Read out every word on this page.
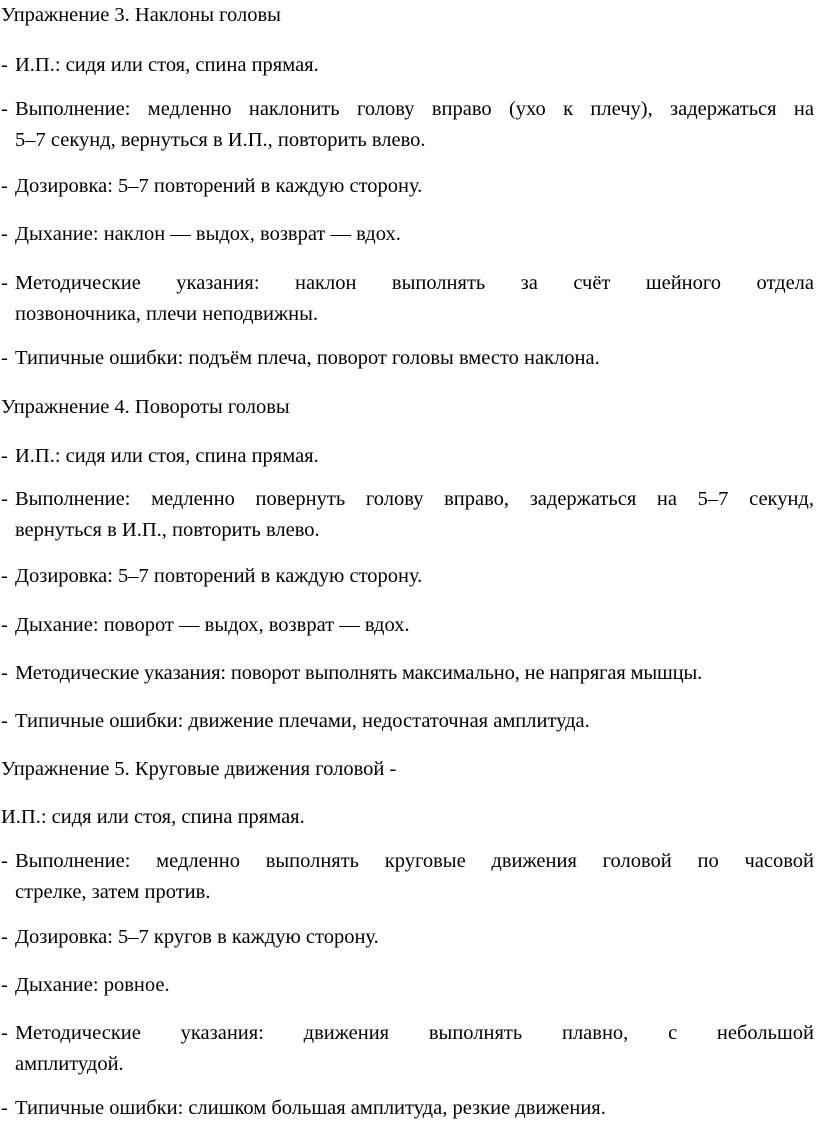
Упражнение 3. Наклоны головы
- И.П.: сидя или стоя, спина прямая.
- Выполнение: медленно наклонить голову вправо (ухо к плечу), задержаться на
5–7 секунд, вернуться в И.П., повторить влево.
- Дозировка: 5–7 повторений в каждую сторону.
- Дыхание: наклон — выдох, возврат — вдох.
- Методические указания: наклон выполнять за счёт шейного отдела
позвоночника, плечи неподвижны.
- Типичные ошибки: подъём плеча, поворот головы вместо наклона.
Упражнение 4. Повороты головы
- И.П.: сидя или стоя, спина прямая.
- Выполнение: медленно повернуть голову вправо, задержаться на 5–7 секунд,
вернуться в И.П., повторить влево.
- Дозировка: 5–7 повторений в каждую сторону.
- Дыхание: поворот — выдох, возврат — вдох.
- Методические указания: поворот выполнять максимально, не напрягая мышцы.
- Типичные ошибки: движение плечами, недостаточная амплитуда.
Упражнение 5. Круговые движения головой -
И.П.: сидя или стоя, спина прямая.
- Выполнение: медленно выполнять круговые движения головой по часовой
стрелке, затем против.
- Дозировка: 5–7 кругов в каждую сторону.
- Дыхание: ровное.
- Методические указания: движения выполнять плавно, с небольшой
амплитудой.
- Типичные ошибки: слишком большая амплитуда, резкие движения.
